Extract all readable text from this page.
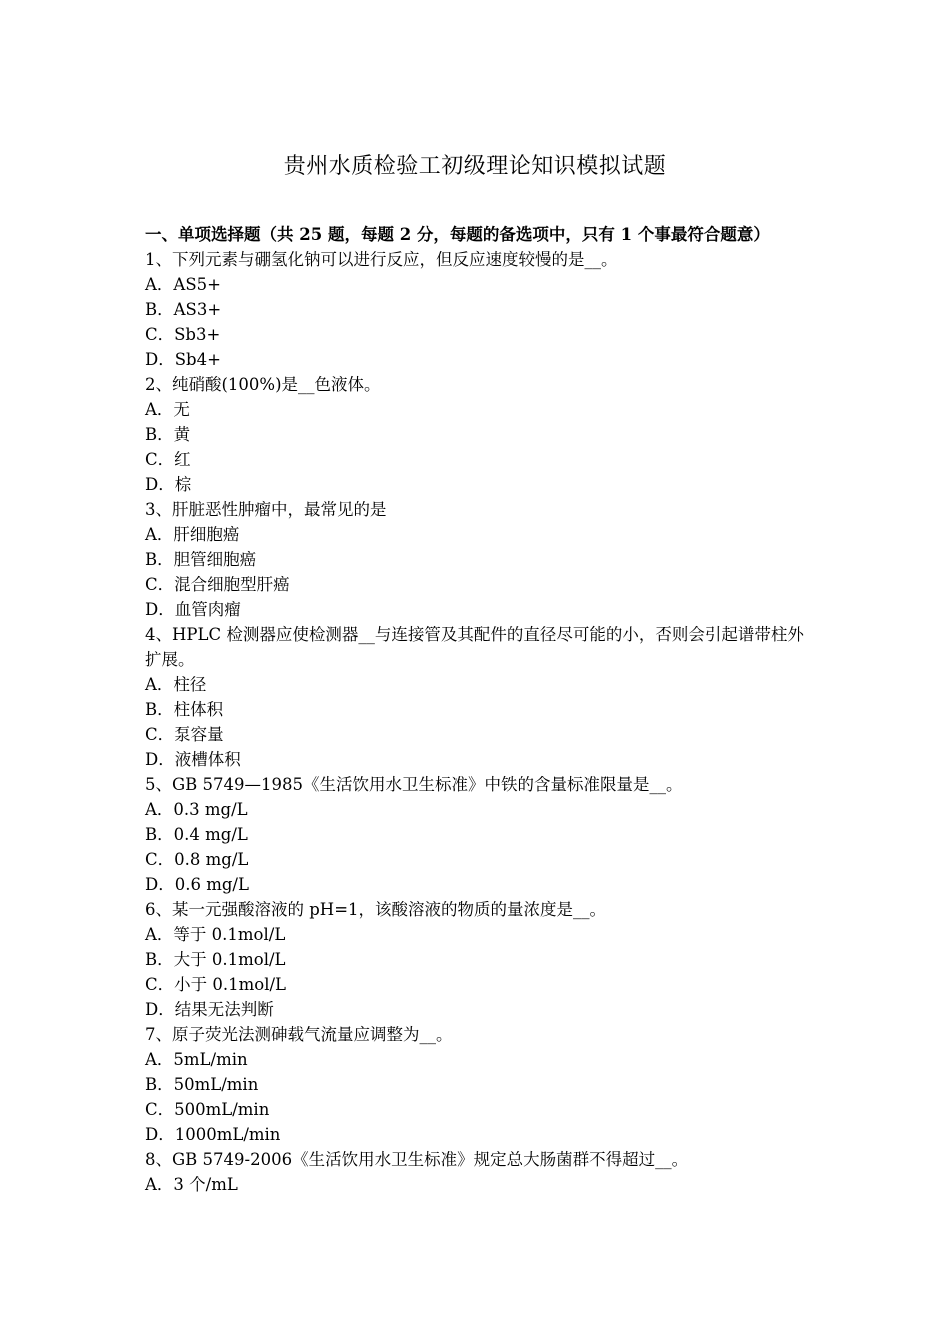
贵州水质检验工初级理论知识模拟试题

一、单项选择题（共 25 题，每题 2 分，每题的备选项中，只有 1 个事最符合题意）

1、下列元素与硼氢化钠可以进行反应，但反应速度较慢的是__。

A．AS5+

B．AS3+

C．Sb3+

D．Sb4+

2、纯硝酸(100%)是__色液体。

A．无

B．黄

C．红

D．棕

3、肝脏恶性肿瘤中，最常见的是

A．肝细胞癌

B．胆管细胞癌

C．混合细胞型肝癌

D．血管肉瘤

4、HPLC 检测器应使检测器__与连接管及其配件的直径尽可能的小，否则会引起谱带柱外扩展。

A．柱径

B．柱体积

C．泵容量

D．液槽体积

5、GB 5749—1985《生活饮用水卫生标准》中铁的含量标准限量是__。

A．0.3 mg/L

B．0.4 mg/L

C．0.8 mg/L

D．0.6 mg/L

6、某一元强酸溶液的 pH=1，该酸溶液的物质的量浓度是__。

A．等于 0.1mol/L

B．大于 0.1mol/L

C．小于 0.1mol/L

D．结果无法判断

7、原子荧光法测砷载气流量应调整为__。

A．5mL/min

B．50mL/min

C．500mL/min

D．1000mL/min

8、GB 5749-2006《生活饮用水卫生标准》规定总大肠菌群不得超过__。

A．3 个/mL
